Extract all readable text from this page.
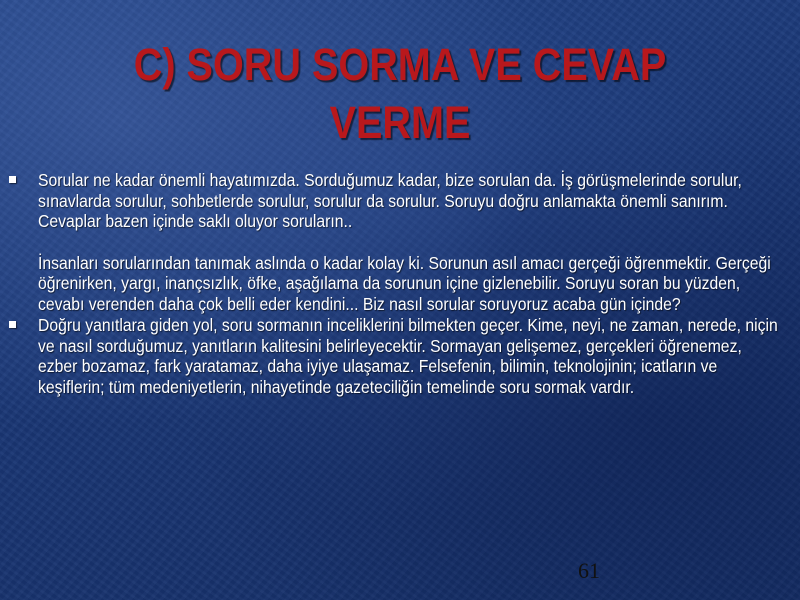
C) SORU SORMA VE CEVAP VERME

Sorular ne kadar önemli hayatımızda. Sorduğumuz kadar, bize sorulan da. İş görüşmelerinde sorulur, sınavlarda sorulur, sohbetlerde sorulur, sorulur da sorulur. Soruyu doğru anlamakta önemli sanırım. Cevaplar bazen içinde saklı oluyor soruların..

İnsanları sorularından tanımak aslında o kadar kolay ki. Sorunun asıl amacı gerçeği öğrenmektir. Gerçeği öğrenirken, yargı, inançsızlık, öfke, aşağılama da sorunun içine gizlenebilir. Soruyu soran bu yüzden, cevabı verenden daha çok belli eder kendini... Biz nasıl sorular soruyoruz acaba gün içinde?

Doğru yanıtlara giden yol, soru sormanın inceliklerini bilmekten geçer. Kime, neyi, ne zaman, nerede, niçin ve nasıl sorduğumuz, yanıtların kalitesini belirleyecektir. Sormayan gelişemez, gerçekleri öğrenemez, ezber bozamaz, fark yaratamaz, daha iyiye ulaşamaz. Felsefenin, bilimin, teknolojinin; icatların ve keşiflerin; tüm medeniyetlerin, nihayetinde gazeteciliğin temelinde soru sormak vardır.

61
